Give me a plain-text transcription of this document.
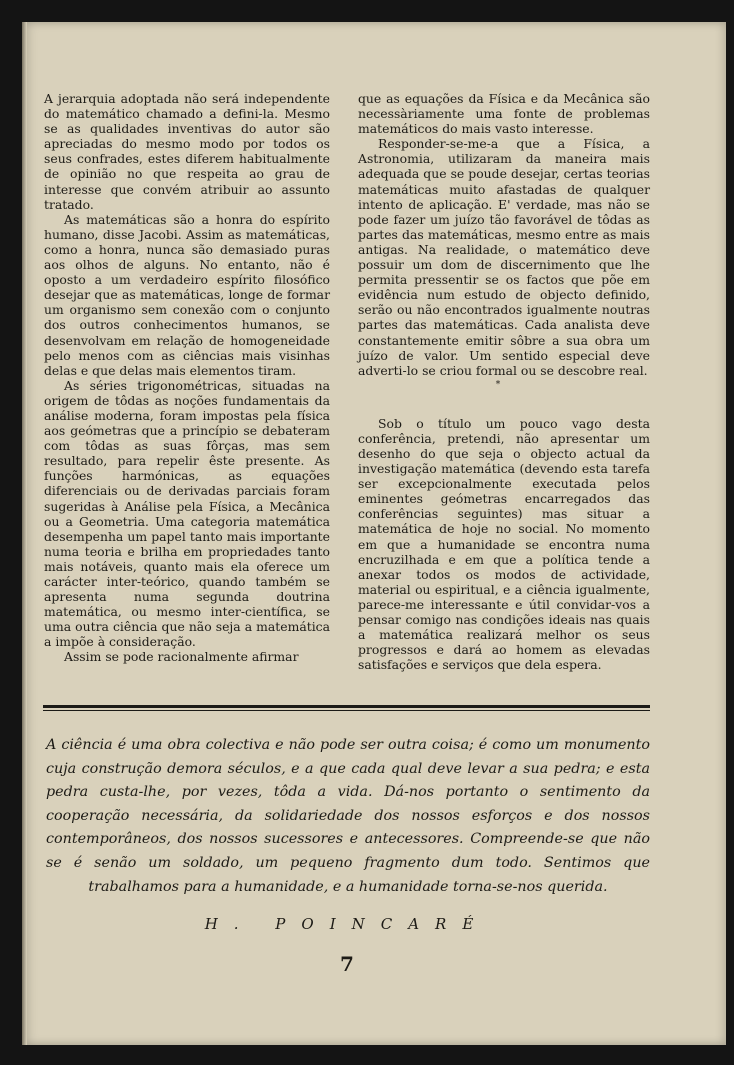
A jerarquia adoptada não será independente do matemático chamado a defini-la. Mesmo se as qualidades inventivas do autor são apreciadas do mesmo modo por todos os seus confrades, estes diferem habitualmente de opinião no que respeita ao grau de interesse que convém atribuir ao assunto tratado.

As matemáticas são a honra do espírito humano, disse Jacobi. Assim as matemáticas, como a honra, nunca são demasiado puras aos olhos de alguns. No entanto, não é oposto a um verdadeiro espírito filosófico desejar que as matemáticas, longe de formar um organismo sem conexão com o conjunto dos outros conhecimentos humanos, se desenvolvam em relação de homogeneidade pelo menos com as ciências mais visinhas delas e que delas mais elementos tiram.

As séries trigonométricas, situadas na origem de tôdas as noções fundamentais da análise moderna, foram impostas pela física aos geómetras que a princípio se debateram com tôdas as suas fôrças, mas sem resultado, para repelir êste presente. As funções harmónicas, as equações diferenciais ou de derivadas parciais foram sugeridas à Análise pela Física, a Mecânica ou a Geometria. Uma categoria matemática desempenha um papel tanto mais importante numa teoria e brilha em propriedades tanto mais notáveis, quanto mais ela oferece um carácter inter-teórico, quando também se apresenta numa segunda doutrina matemática, ou mesmo inter-científica, se uma outra ciência que não seja a matemática a impõe à consideração.

Assim se pode racionalmente afirmar

que as equações da Física e da Mecânica são necessàriamente uma fonte de problemas matemáticos do mais vasto interesse.

Responder-se-me-a que a Física, a Astronomia, utilizaram da maneira mais adequada que se poude desejar, certas teorias matemáticas muito afastadas de qualquer intento de aplicação. E' verdade, mas não se pode fazer um juízo tão favorável de tôdas as partes das matemáticas, mesmo entre as mais antigas. Na realidade, o matemático deve possuir um dom de discernimento que lhe permita pressentir se os factos que põe em evidência num estudo de objecto definido, serão ou não encontrados igualmente noutras partes das matemáticas. Cada analista deve constantemente emitir sôbre a sua obra um juízo de valor. Um sentido especial deve adverti-lo se criou formal ou se descobre real.

*

Sob o título um pouco vago desta conferência, pretendi, não apresentar um desenho do que seja o objecto actual da investigação matemática (devendo esta tarefa ser excepcionalmente executada pelos eminentes geómetras encarregados das conferências seguintes) mas situar a matemática de hoje no social. No momento em que a humanidade se encontra numa encruzilhada e em que a política tende a anexar todos os modos de actividade, material ou espiritual, e a ciência igualmente, parece-me interessante e útil convidar-vos a pensar comigo nas condições ideais nas quais a matemática realizará melhor os seus progressos e dará ao homem as elevadas satisfações e serviços que dela espera.

A ciência é uma obra colectiva e não pode ser outra coisa; é como um monumento cuja construção demora séculos, e a que cada qual deve levar a sua pedra; e esta pedra custa-lhe, por vezes, tôda a vida. Dá-nos portanto o sentimento da cooperação necessária, da solidariedade dos nossos esforços e dos nossos contemporâneos, dos nossos sucessores e antecessores. Compreende-se que não se é senão um soldado, um pequeno fragmento dum todo. Sentimos que trabalhamos para a humanidade, e a humanidade torna-se-nos querida.

H. POINCARÉ
7
